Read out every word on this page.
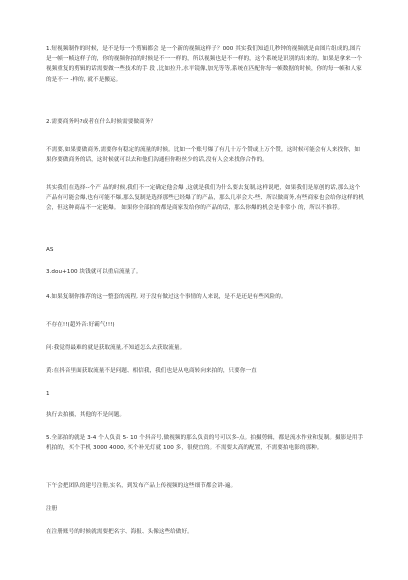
1.短视频制作的时候，是不是每一个剪辑都会 是一个新的视频这样子？000 其实我们知道几秒钟的视频就是由图片组成的,图片是一帧一帧这样子的，你的视频你拍的时候是不一一样的，所以视频也是不一样的，这个系统是识别的出来的。如果是拿来一个视频重复的剪辑的话需要做一些技术的手 段 ,比如拉升,水平镜像,加光等等,系统在匹配你每一帧数据的时候，你的每一帧和人家的是不一 -样的, 就不是搬运。

2.需要商务吗?或者在什么时候需要做商务？

不需要,如果要做商务,需要你有稳定的流量的时候。比如一个账号爆了有几十万个赞或上万个赞，这时候可能会有人来找你，如果你要做商务的话，这时候就可以去和他们沟通但你粉丝少的话,没有人会来找你合作的。

其实我们在选择--个产 品的时候,我们不一定确定他会爆 ,这就是我们为什么要去复制,这样说吧，如果我们是原创的话,那么这个产品有可能会爆,也有可能不爆,那么复制是选择那些已经爆了的产品，那么几率会大-些、所以做商务,有些商家也会给你这样的机会，但这种商品不一定能爆。 如果你全部拍的都是商家发给你的产品的话，那么你爆的机会是非常小 的，所以不推荐。

AS

3.dou+100 块钱就可以重启流量了。

4.如果复制你推荐的这一整套的流程, 对于没有做过这个事情的人来说，是不是还是有些风险的。

不存在!!(超外音:好霸气!!!)

问:我觉得最难的就是获取流量,不知道怎么去获取流量。

黄:在抖音里面获取流量不是问题、相信我，我们也是从电商转向来拍的，只要你一直

1

执行去拍摄，其他的不是问题。

5.全部拍的就是 3-4 个人负责 5- 10 个抖音号,做视频的那么负责的号可以多-点。拍摄剪辑，都是流水作业和复制。摄影是用手机拍的，买个手机 3000 4000, 买个补光灯就 100 多，很便宜的。不需要太高的配置，不需要拍电影的那种。

下午会把团队的建号注册,实名，到发布产品上传视频的这些细节都会讲-遍。

注册

在注册账号的时候就需要把名字、海报、头像这些给做好。
